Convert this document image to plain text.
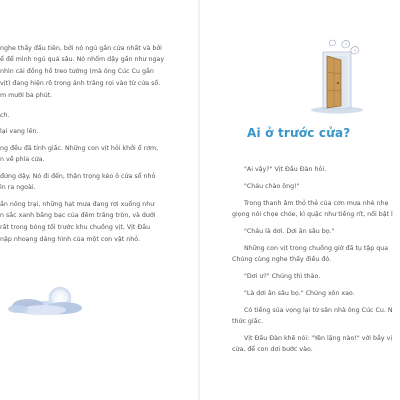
nghe thấy đầu tiên, bởi nó ngủ gần cửa nhất và bởi
ể để mình ngủ quá sâu. Nó nhổm dậy gần như ngay
nhìn cái đồng hồ treo tường (mà ông Cúc Cu gắn
vịt) đang hiện rõ trong ánh trăng rọi vào từ cửa sổ.
m mười ba phút.
ch.
lại vang lên.
ng đều đã tỉnh giấc. Những con vịt hỏi khởi ổ rơm,
n về phía cửa.
đứng dậy. Nó đi đến, thận trọng kéo ô cửa sổ nhỏ
ìn ra ngoài.
ần nông trại, những hạt mưa đang rơi xuống như
n sắc xanh băng bạc của đêm trăng tròn, và dưới
rất trong bóng tối trước khu chuồng vịt, Vịt Đầu
nập nhoạng dáng hình của một con vật nhỏ.
?
?
Ai ở trước cửa?
"Ai vậy?" Vịt Đầu Đàn hỏi.
"Cháu chào ông!"
Trong thanh âm thỏ thẻ của cơn mưa nhè nhẹ
giọng nói chọe chóe, kì quặc như tiếng rít, nổi bật l
"Cháu là dơi. Dơi ăn sâu bọ."
Những con vịt trong chuồng giờ đã tụ tập qua
Chúng cùng nghe thấy điều đó.
"Dơi ư?" Chúng thì thào.
"Là dơi ăn sâu bọ." Chúng xôn xao.
Có tiếng sủa vọng lại từ sân nhà ông Cúc Cu. N
thức giấc.
Vịt Đầu Đàn khẽ nói: "Yên lặng nào!" với bầy vị
cửa, để con dơi bước vào.
